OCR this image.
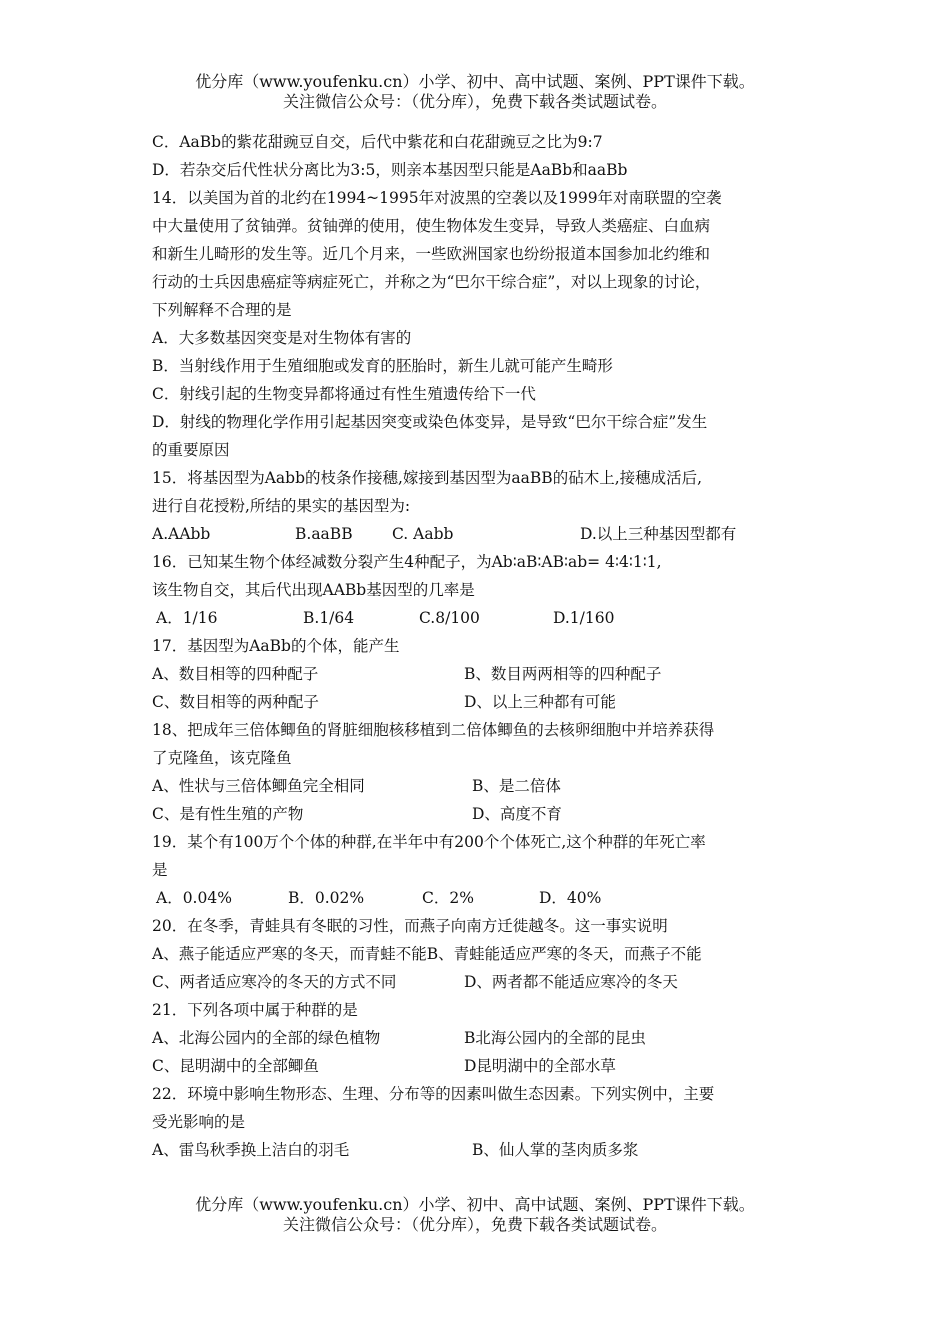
优分库（www.youfenku.cn）小学、初中、高中试题、案例、PPT课件下载。
关注微信公众号：（优分库），免费下载各类试题试卷。
C．AaBb的紫花甜豌豆自交，后代中紫花和白花甜豌豆之比为9:7
D．若杂交后代性状分离比为3:5，则亲本基因型只能是AaBb和aaBb
14．以美国为首的北约在1994~1995年对波黑的空袭以及1999年对南联盟的空袭
中大量使用了贫铀弹。贫铀弹的使用，使生物体发生变异，导致人类癌症、白血病
和新生儿畸形的发生等。近几个月来，一些欧洲国家也纷纷报道本国参加北约维和
行动的士兵因患癌症等病症死亡，并称之为“巴尔干综合症”，对以上现象的讨论，
下列解释不合理的是
A．大多数基因突变是对生物体有害的
B．当射线作用于生殖细胞或发育的胚胎时，新生儿就可能产生畸形
C．射线引起的生物变异都将通过有性生殖遗传给下一代
D．射线的物理化学作用引起基因突变或染色体变异，是导致“巴尔干综合症”发生
的重要原因
15．将基因型为Aabb的枝条作接穗,嫁接到基因型为aaBB的砧木上,接穗成活后,
进行自花授粉,所结的果实的基因型为:
A.AAbb	B.aaBB	C. Aabb	D.以上三种基因型都有
16．已知某生物个体经减数分裂产生4种配子，为Ab∶aB∶AB∶ab= 4∶4∶1∶1,
该生物自交，其后代出现AABb基因型的几率是
A．1/16	B.1/64	C.8/100	D.1/160
17．基因型为AaBb的个体，能产生
A、数目相等的四种配子	B、数目两两相等的四种配子
C、数目相等的两种配子	D、以上三种都有可能
18、把成年三倍体鲫鱼的肾脏细胞核移植到二倍体鲫鱼的去核卵细胞中并培养获得
了克隆鱼，该克隆鱼
A、性状与三倍体鲫鱼完全相同	B、是二倍体
C、是有性生殖的产物	D、高度不育
19．某个有100万个个体的种群,在半年中有200个个体死亡,这个种群的年死亡率
是
A．0.04%	B．0.02%	C．2%	D．40%
20．在冬季，青蛙具有冬眠的习性，而燕子向南方迁徙越冬。这一事实说明
A、燕子能适应严寒的冬天，而青蛙不能B、青蛙能适应严寒的冬天，而燕子不能
C、两者适应寒冷的冬天的方式不同	D、两者都不能适应寒冷的冬天
21．下列各项中属于种群的是
A、北海公园内的全部的绿色植物	B北海公园内的全部的昆虫
C、昆明湖中的全部鲫鱼	D昆明湖中的全部水草
22．环境中影响生物形态、生理、分布等的因素叫做生态因素。下列实例中，主要
受光影响的是
A、雷鸟秋季换上洁白的羽毛	B、仙人掌的茎肉质多浆
优分库（www.youfenku.cn）小学、初中、高中试题、案例、PPT课件下载。
关注微信公众号：（优分库），免费下载各类试题试卷。
